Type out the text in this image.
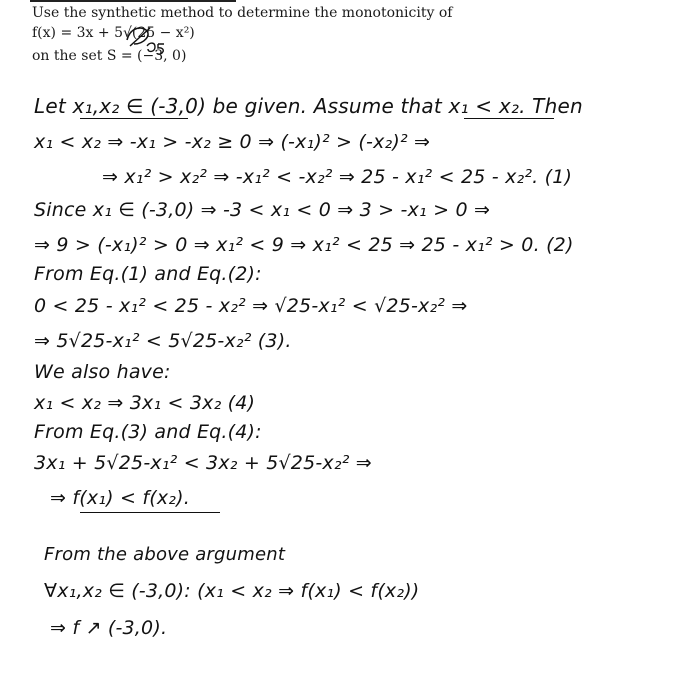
Use the synthetic method to determine the monotonicity of
f(x) = 3x + 5√(25 − x²)
on the set S = (−3, 0)
Let x₁,x₂ ∈ (-3,0) be given. Assume that x₁ < x₂. Then
x₁ < x₂ ⇒ -x₁ > -x₂ ≥ 0 ⇒ (-x₁)² > (-x₂)² ⇒
⇒ x₁² > x₂² ⇒ -x₁² < -x₂² ⇒ 25 - x₁² < 25 - x₂². (1)
Since x₁ ∈ (-3,0) ⇒ -3 < x₁ < 0 ⇒ 3 > -x₁ > 0 ⇒
⇒ 9 > (-x₁)² > 0 ⇒ x₁² < 9 ⇒ x₁² < 25 ⇒ 25 - x₁² > 0. (2)
From Eq.(1) and Eq.(2):
0 < 25 - x₁² < 25 - x₂² ⇒ √25-x₁² < √25-x₂² ⇒
⇒ 5√25-x₁² < 5√25-x₂² (3).
We also have:
x₁ < x₂ ⇒ 3x₁ < 3x₂ (4)
From Eq.(3) and Eq.(4):
3x₁ + 5√25-x₁² < 3x₂ + 5√25-x₂² ⇒
⇒ f(x₁) < f(x₂).
From the above argument
∀x₁,x₂ ∈ (-3,0): (x₁ < x₂ ⇒ f(x₁) < f(x₂))
⇒ f ↗ (-3,0).
